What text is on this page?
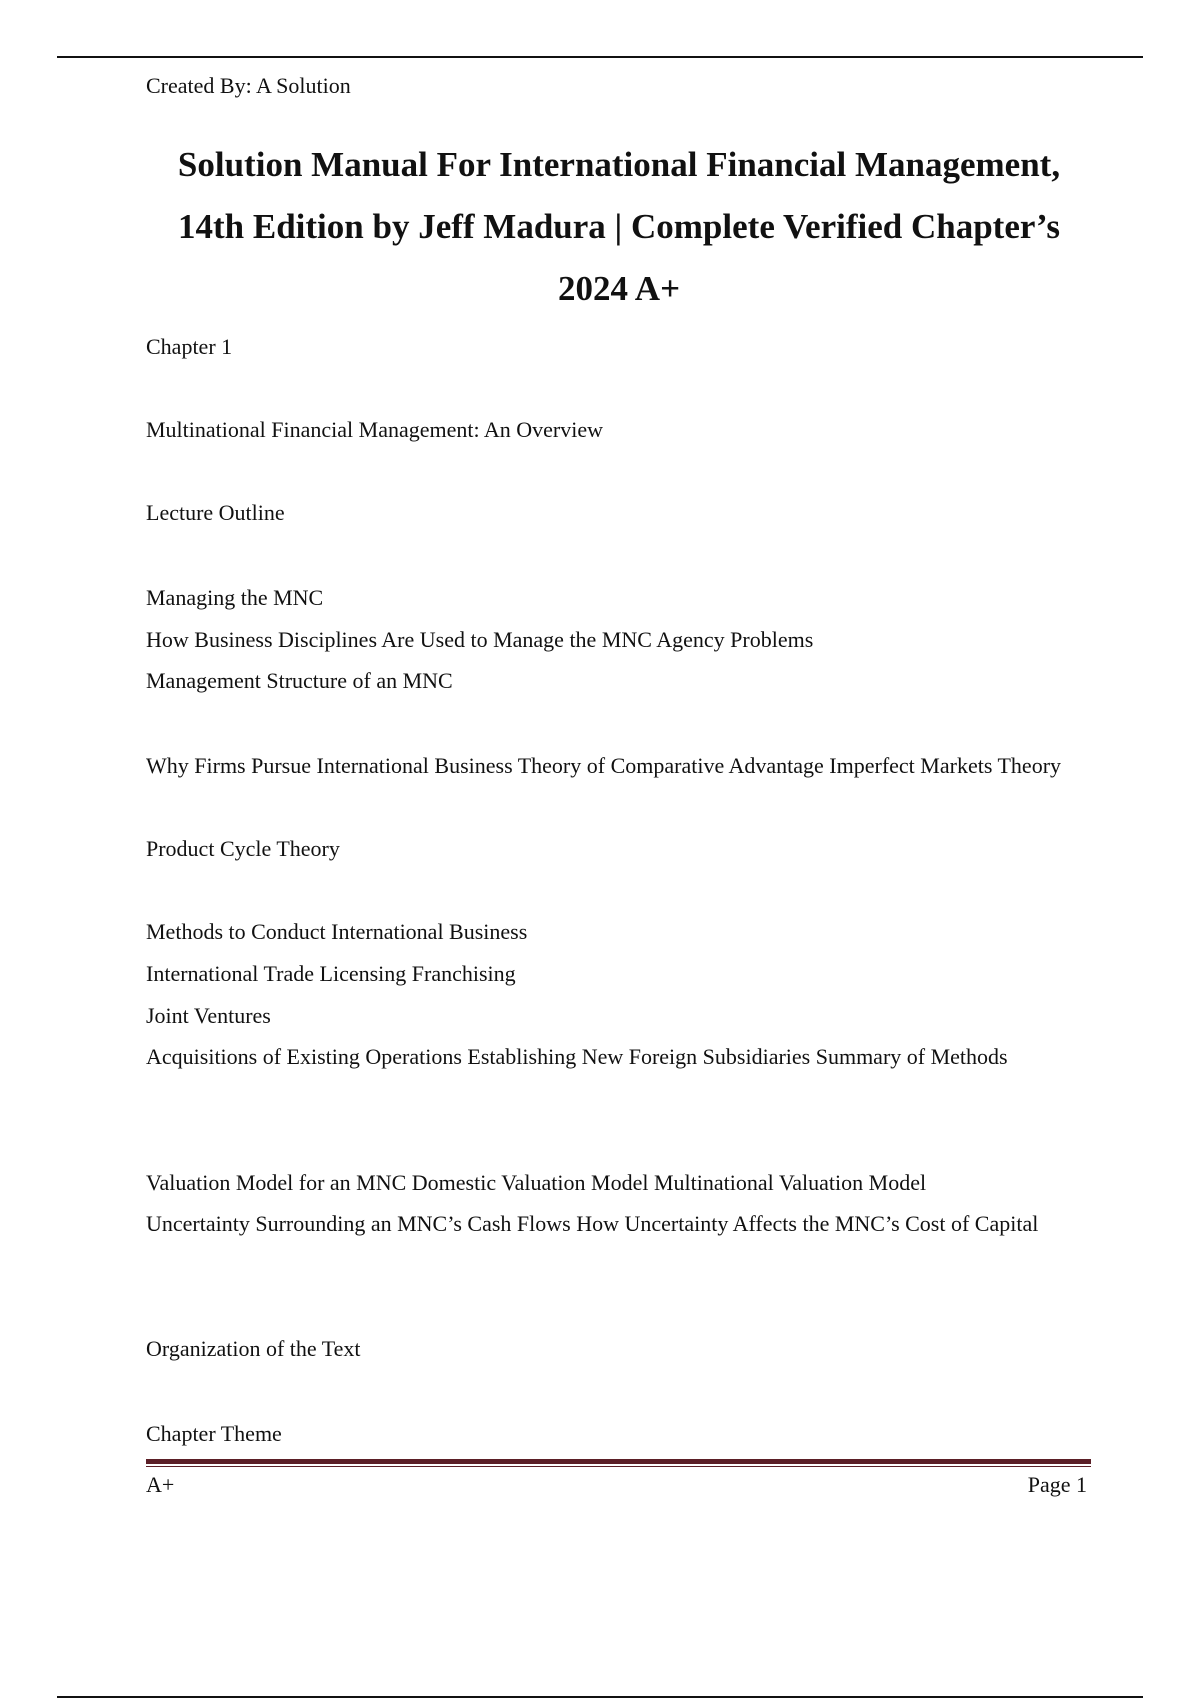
Created By: A Solution
Solution Manual For International Financial Management,
14th Edition by Jeff Madura | Complete Verified Chapter’s
2024 A+
Chapter 1
Multinational Financial Management: An Overview
Lecture Outline
Managing the MNC
How Business Disciplines Are Used to Manage the MNC Agency Problems
Management Structure of an MNC
Why Firms Pursue International Business Theory of Comparative Advantage Imperfect Markets Theory
Product Cycle Theory
Methods to Conduct International Business
International Trade Licensing Franchising
Joint Ventures
Acquisitions of Existing Operations Establishing New Foreign Subsidiaries Summary of Methods
Valuation Model for an MNC Domestic Valuation Model Multinational Valuation Model
Uncertainty Surrounding an MNC’s Cash Flows How Uncertainty Affects the MNC’s Cost of Capital
Organization of the Text
Chapter Theme
A+	Page 1
